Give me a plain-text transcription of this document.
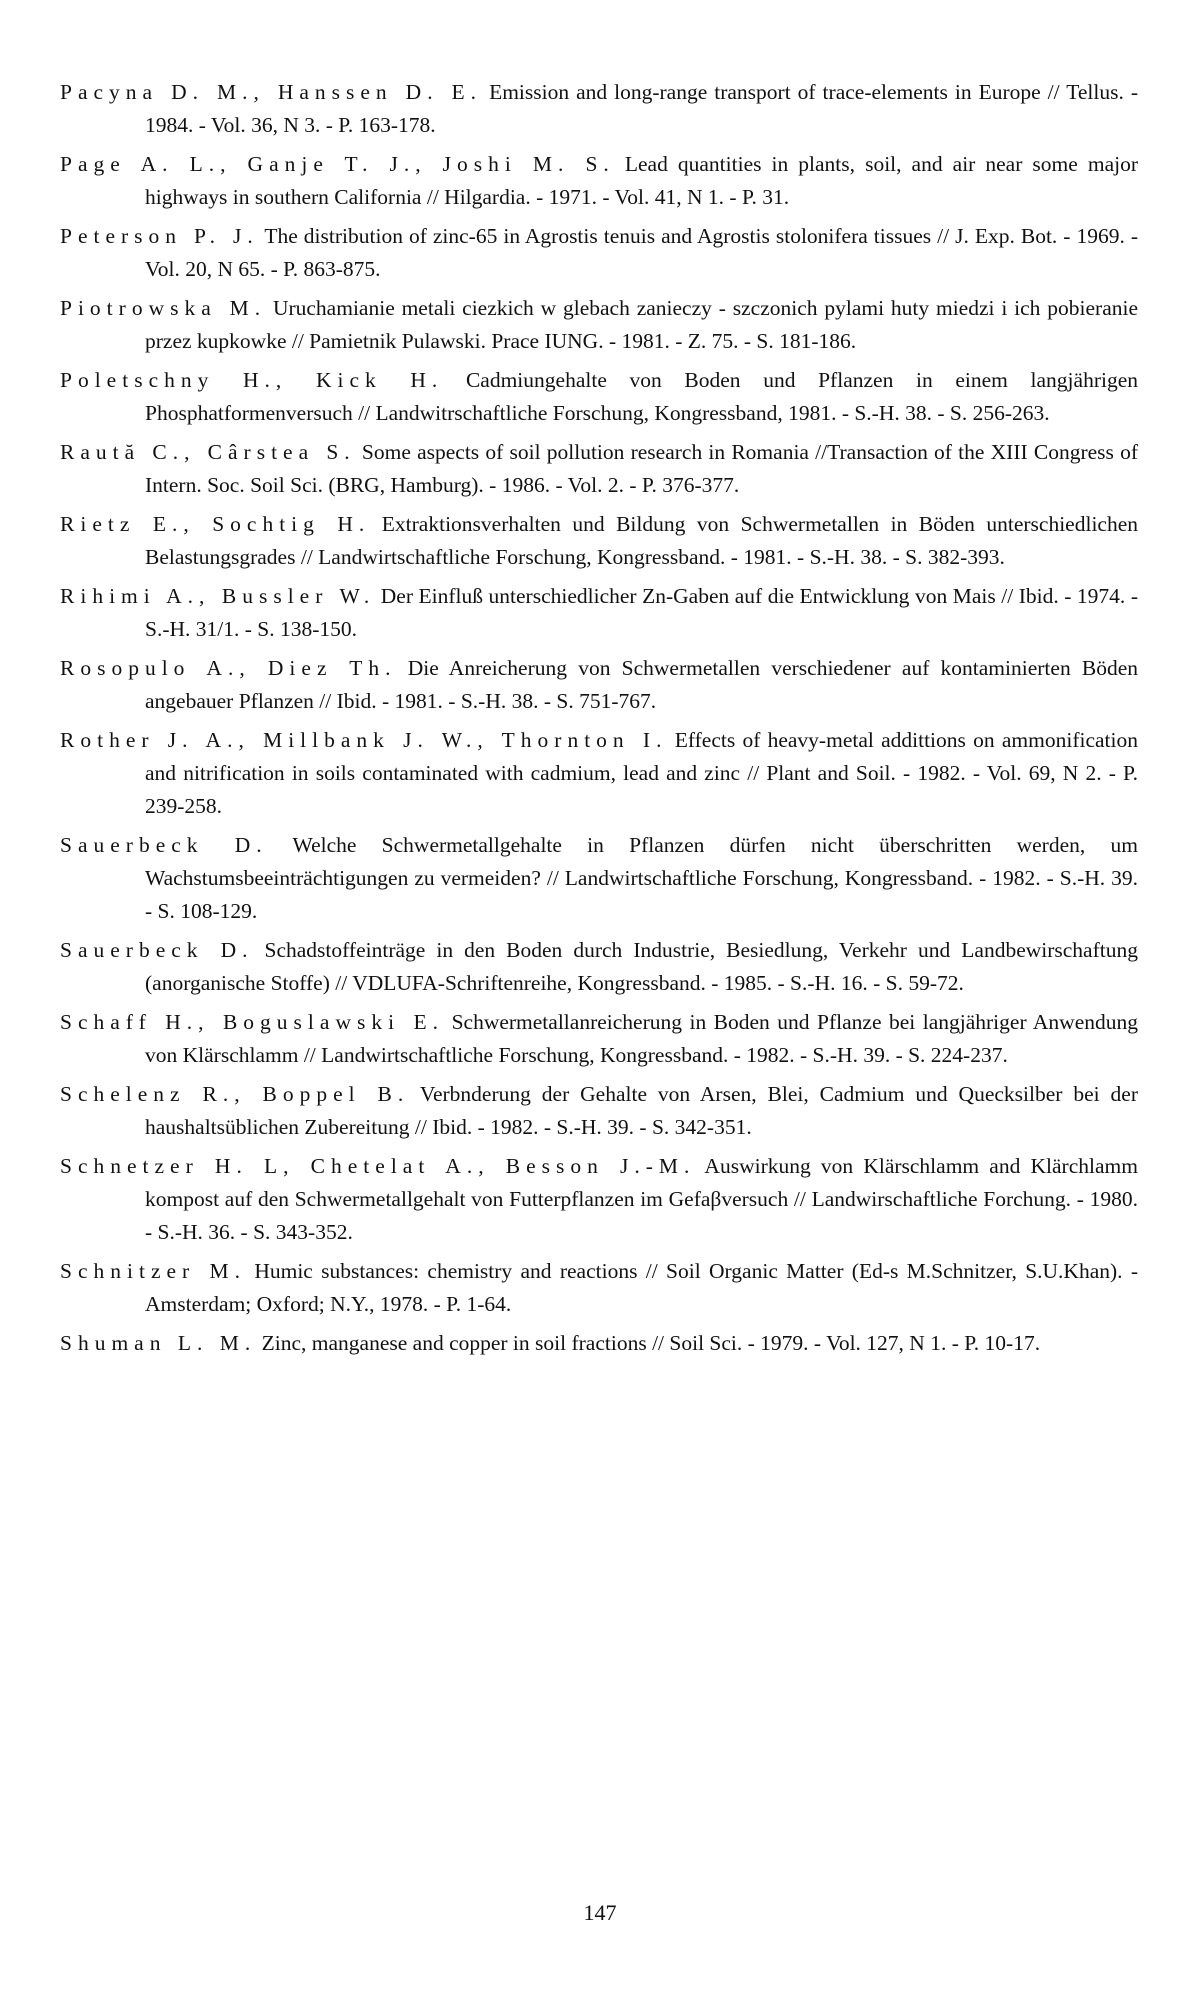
Pacyna D. M., Hanssen D. E. Emission and long-range transport of trace-elements in Europe // Tellus. - 1984. - Vol. 36, N 3. - P. 163-178.

Page A. L., Ganje T. J., Joshi M. S. Lead quantities in plants, soil, and air near some major highways in southern California // Hilgardia. - 1971. - Vol. 41, N 1. - P. 31.

Peterson P. J. The distribution of zinc-65 in Agrostis tenuis and Agrostis stolonifera tissues // J. Exp. Bot. - 1969. - Vol. 20, N 65. - P. 863-875.

Piotrowska M. Uruchamianie metali ciezkich w glebach zanieczy - szczonich pylami huty miedzi i ich pobieranie przez kupkowke // Pamietnik Pulawski. Prace IUNG. - 1981. - Z. 75. - S. 181-186.

Poletschny H., Kick H. Cadmiungehalte von Boden und Pflanzen in einem langjährigen Phosphatformenversuch // Landwitrschaftliche Forschung, Kongressband, 1981. - S.-H. 38. - S. 256-263.

Raută C., Cârstea S. Some aspects of soil pollution research in Romania //Transaction of the XIII Congress of Intern. Soc. Soil Sci. (BRG, Hamburg). - 1986. - Vol. 2. - P. 376-377.

Rietz E., Sochtig H. Extraktionsverhalten und Bildung von Schwermetallen in Böden unterschiedlichen Belastungsgrades // Landwirtschaftliche Forschung, Kongressband. - 1981. - S.-H. 38. - S. 382-393.

Rihimi A., Bussler W. Der Einfluß unterschiedlicher Zn-Gaben auf die Entwicklung von Mais // Ibid. - 1974. - S.-H. 31/1. - S. 138-150.

Rosopulo A., Diez Th. Die Anreicherung von Schwermetallen verschiedener auf kontaminierten Böden angebauer Pflanzen // Ibid. - 1981. - S.-H. 38. - S. 751-767.

Rother J. A., Millbank J. W., Thornton I. Effects of heavy-metal addittions on ammonification and nitrification in soils contaminated with cadmium, lead and zinc // Plant and Soil. - 1982. - Vol. 69, N 2. - P. 239-258.

Sauerbeck D. Welche Schwermetallgehalte in Pflanzen dürfen nicht überschritten werden, um Wachstumsbeeinträchtigungen zu vermeiden? // Landwirtschaftliche Forschung, Kongressband. - 1982. - S.-H. 39. - S. 108-129.

Sauerbeck D. Schadstoffeinträge in den Boden durch Industrie, Besiedlung, Verkehr und Landbewirschaftung (anorganische Stoffe) // VDLUFA-Schriftenreihe, Kongressband. - 1985. - S.-H. 16. - S. 59-72.

Schaff H., Boguslawski E. Schwermetallanreicherung in Boden und Pflanze bei langjähriger Anwendung von Klärschlamm // Landwirtschaftliche Forschung, Kongressband. - 1982. - S.-H. 39. - S. 224-237.

Schelenz R., Boppel B. Verbnderung der Gehalte von Arsen, Blei, Cadmium und Quecksilber bei der haushaltsüblichen Zubereitung // Ibid. - 1982. - S.-H. 39. - S. 342-351.

Schnetzer H. L, Chetelat A., Besson J.-M. Auswirkung von Klärschlamm and Klärchlamm kompost auf den Schwermetallgehalt von Futterpflanzen im Gefaβversuch // Landwirschaftliche Forchung. - 1980. - S.-H. 36. - S. 343-352.

Schnitzer M. Humic substances: chemistry and reactions // Soil Organic Matter (Ed-s M.Schnitzer, S.U.Khan). - Amsterdam; Oxford; N.Y., 1978. - P. 1-64.

Shuman L. M. Zinc, manganese and copper in soil fractions // Soil Sci. - 1979. - Vol. 127, N 1. - P. 10-17.

147
